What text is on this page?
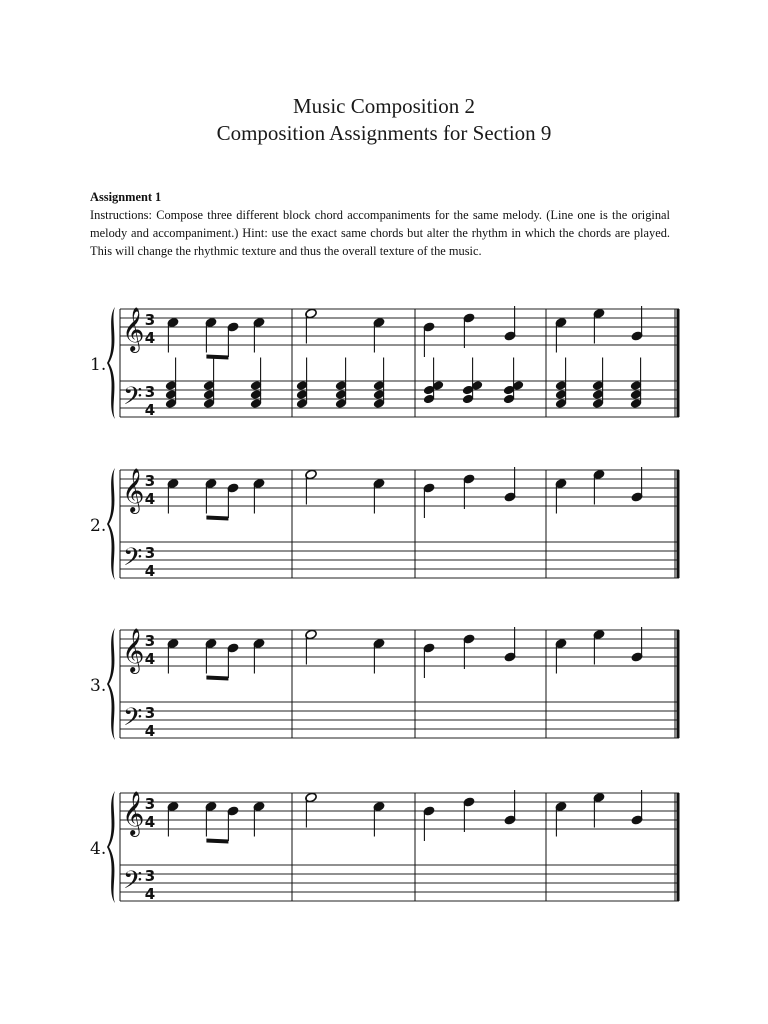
Music Composition 2
Composition Assignments for Section 9

Assignment 1

Instructions: Compose three different block chord accompaniments for the same melody. (Line one is the original melody and accompaniment.) Hint: use the exact same chords but alter the rhythm in which the chords are played. This will change the rhythmic texture and thus the overall texture of the music.

1.
𝄞
𝄢
3
4
3
4
2.
𝄞
𝄢
3
4
3
4
3.
𝄞
𝄢
3
4
3
4
4.
𝄞
𝄢
3
4
3
4
